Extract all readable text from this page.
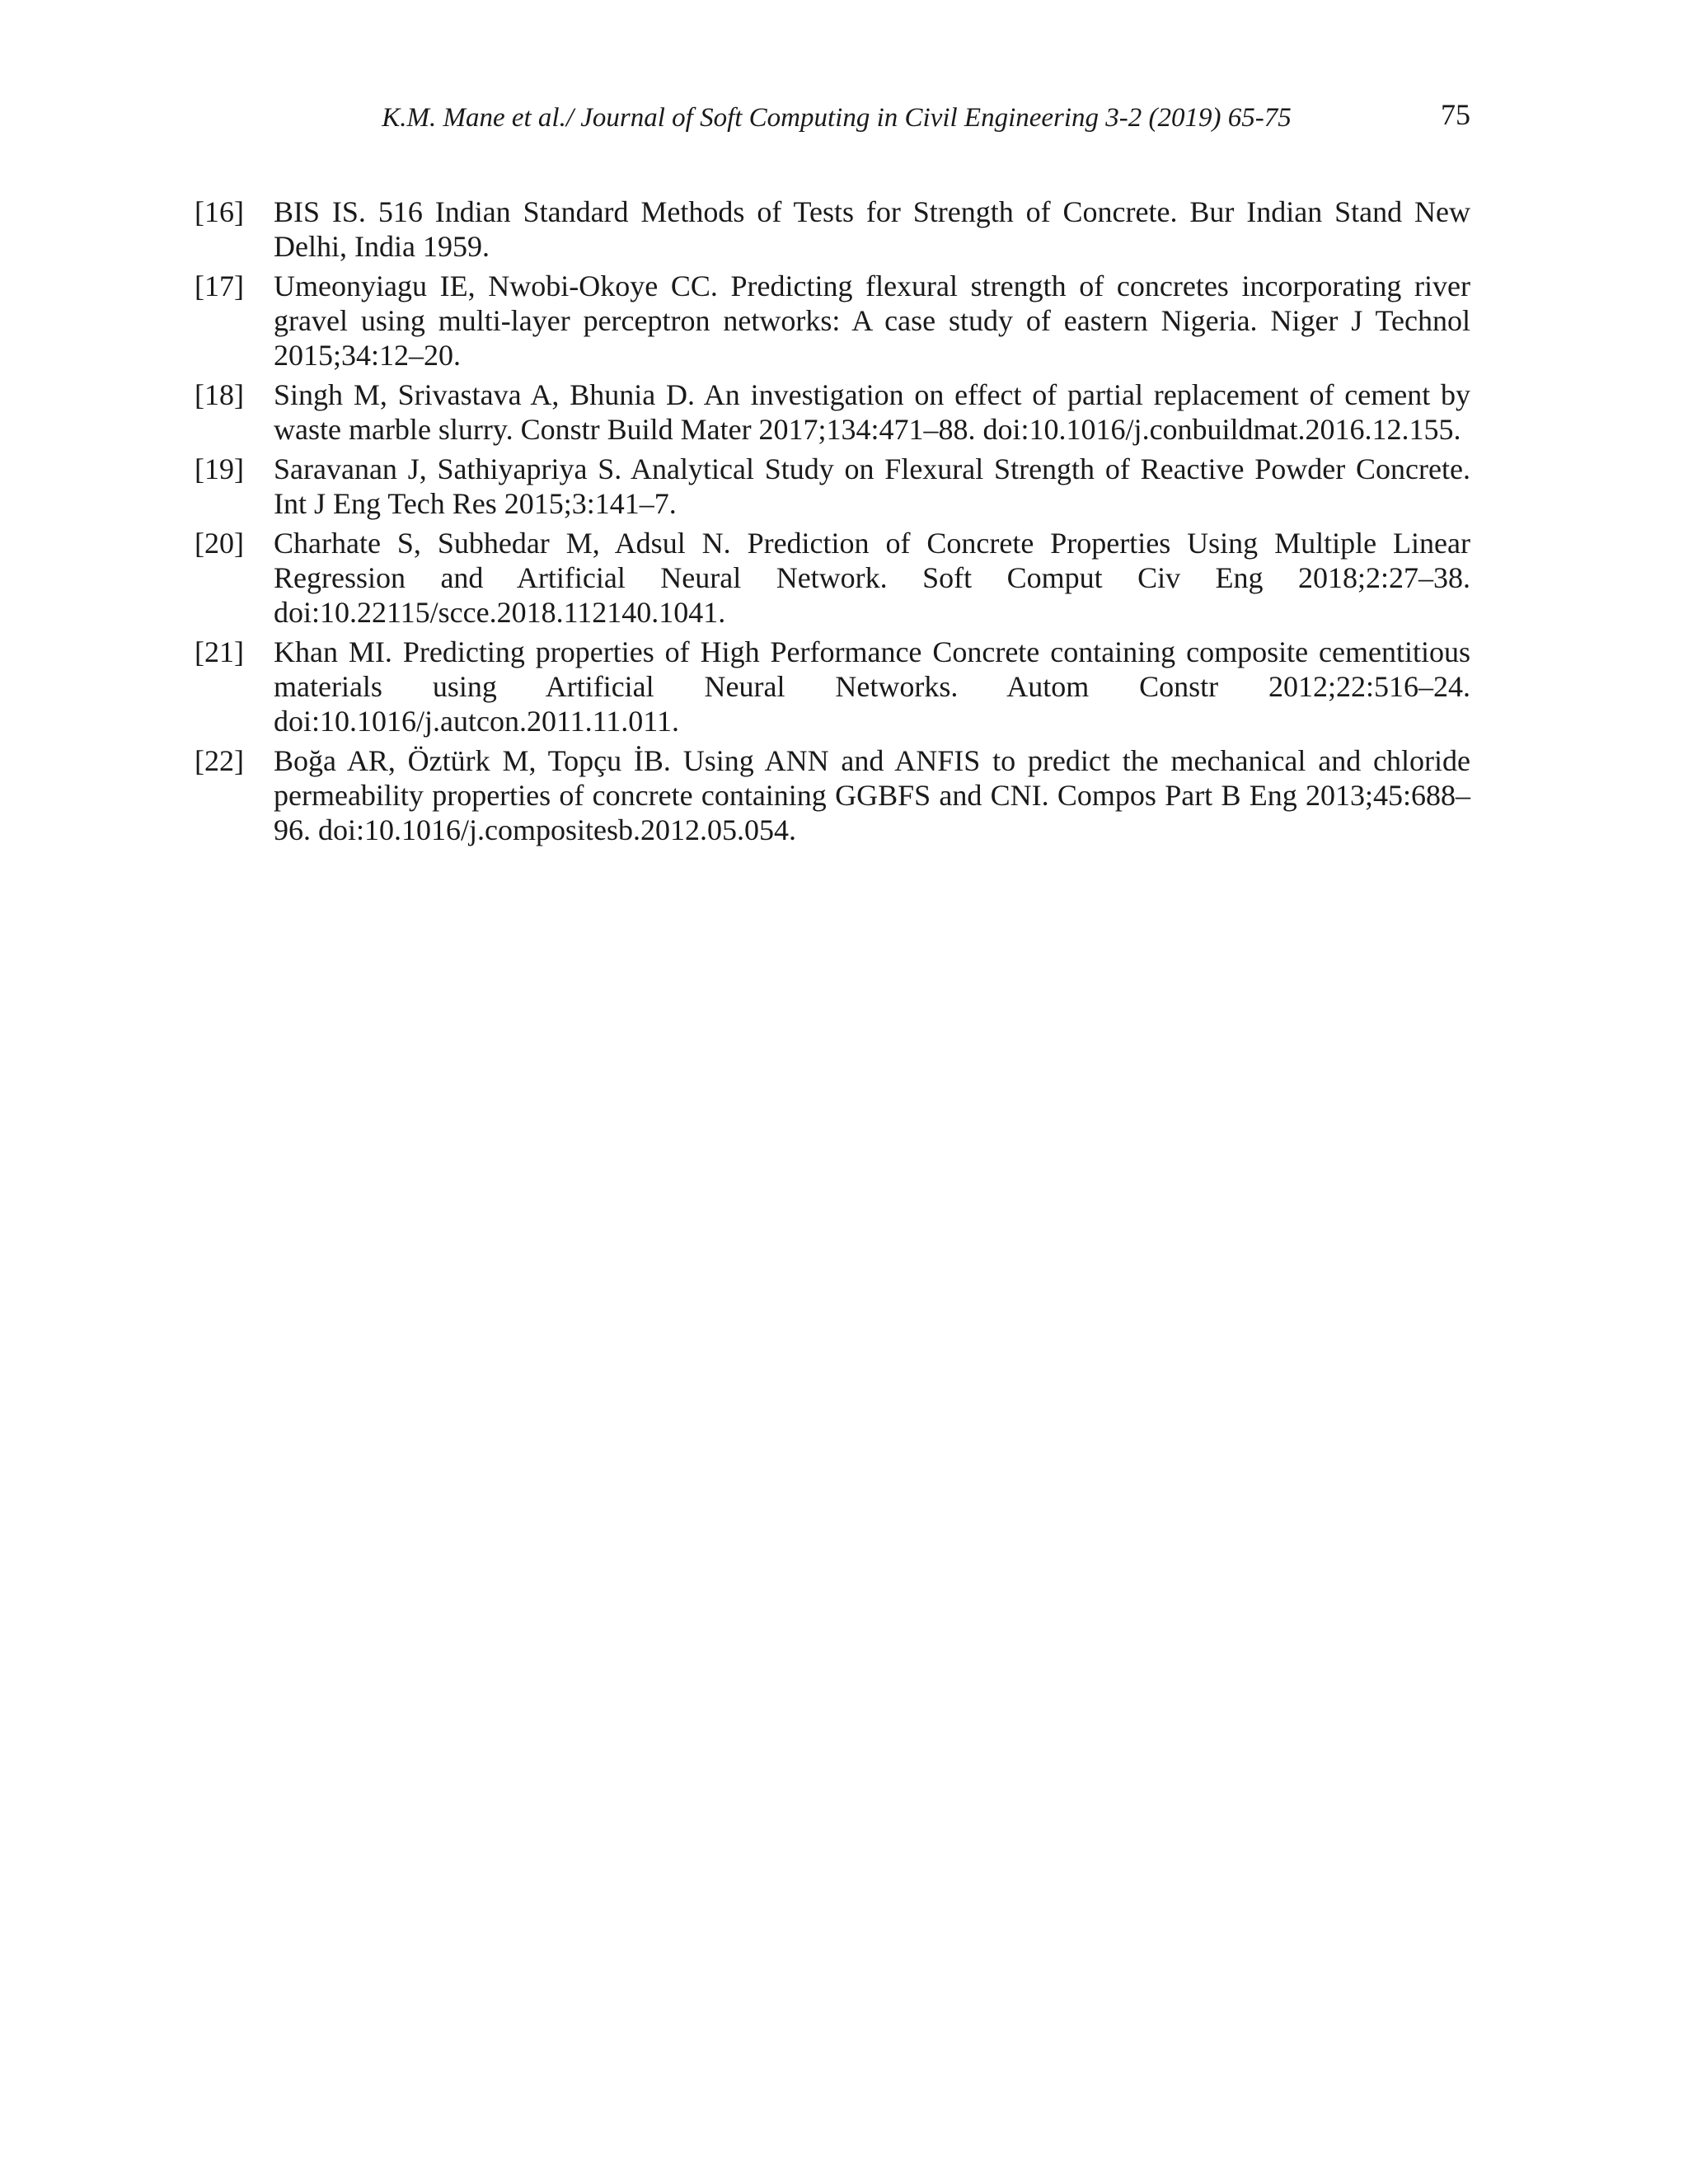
K.M. Mane et al./ Journal of Soft Computing in Civil Engineering 3-2 (2019) 65-75	75
[16] BIS IS. 516 Indian Standard Methods of Tests for Strength of Concrete. Bur Indian Stand New Delhi, India 1959.
[17] Umeonyiagu IE, Nwobi-Okoye CC. Predicting flexural strength of concretes incorporating river gravel using multi-layer perceptron networks: A case study of eastern Nigeria. Niger J Technol 2015;34:12–20.
[18] Singh M, Srivastava A, Bhunia D. An investigation on effect of partial replacement of cement by waste marble slurry. Constr Build Mater 2017;134:471–88. doi:10.1016/j.conbuildmat.2016.12.155.
[19] Saravanan J, Sathiyapriya S. Analytical Study on Flexural Strength of Reactive Powder Concrete. Int J Eng Tech Res 2015;3:141–7.
[20] Charhate S, Subhedar M, Adsul N. Prediction of Concrete Properties Using Multiple Linear Regression and Artificial Neural Network. Soft Comput Civ Eng 2018;2:27–38. doi:10.22115/scce.2018.112140.1041.
[21] Khan MI. Predicting properties of High Performance Concrete containing composite cementitious materials using Artificial Neural Networks. Autom Constr 2012;22:516–24. doi:10.1016/j.autcon.2011.11.011.
[22] Boğa AR, Öztürk M, Topçu İB. Using ANN and ANFIS to predict the mechanical and chloride permeability properties of concrete containing GGBFS and CNI. Compos Part B Eng 2013;45:688–96. doi:10.1016/j.compositesb.2012.05.054.
